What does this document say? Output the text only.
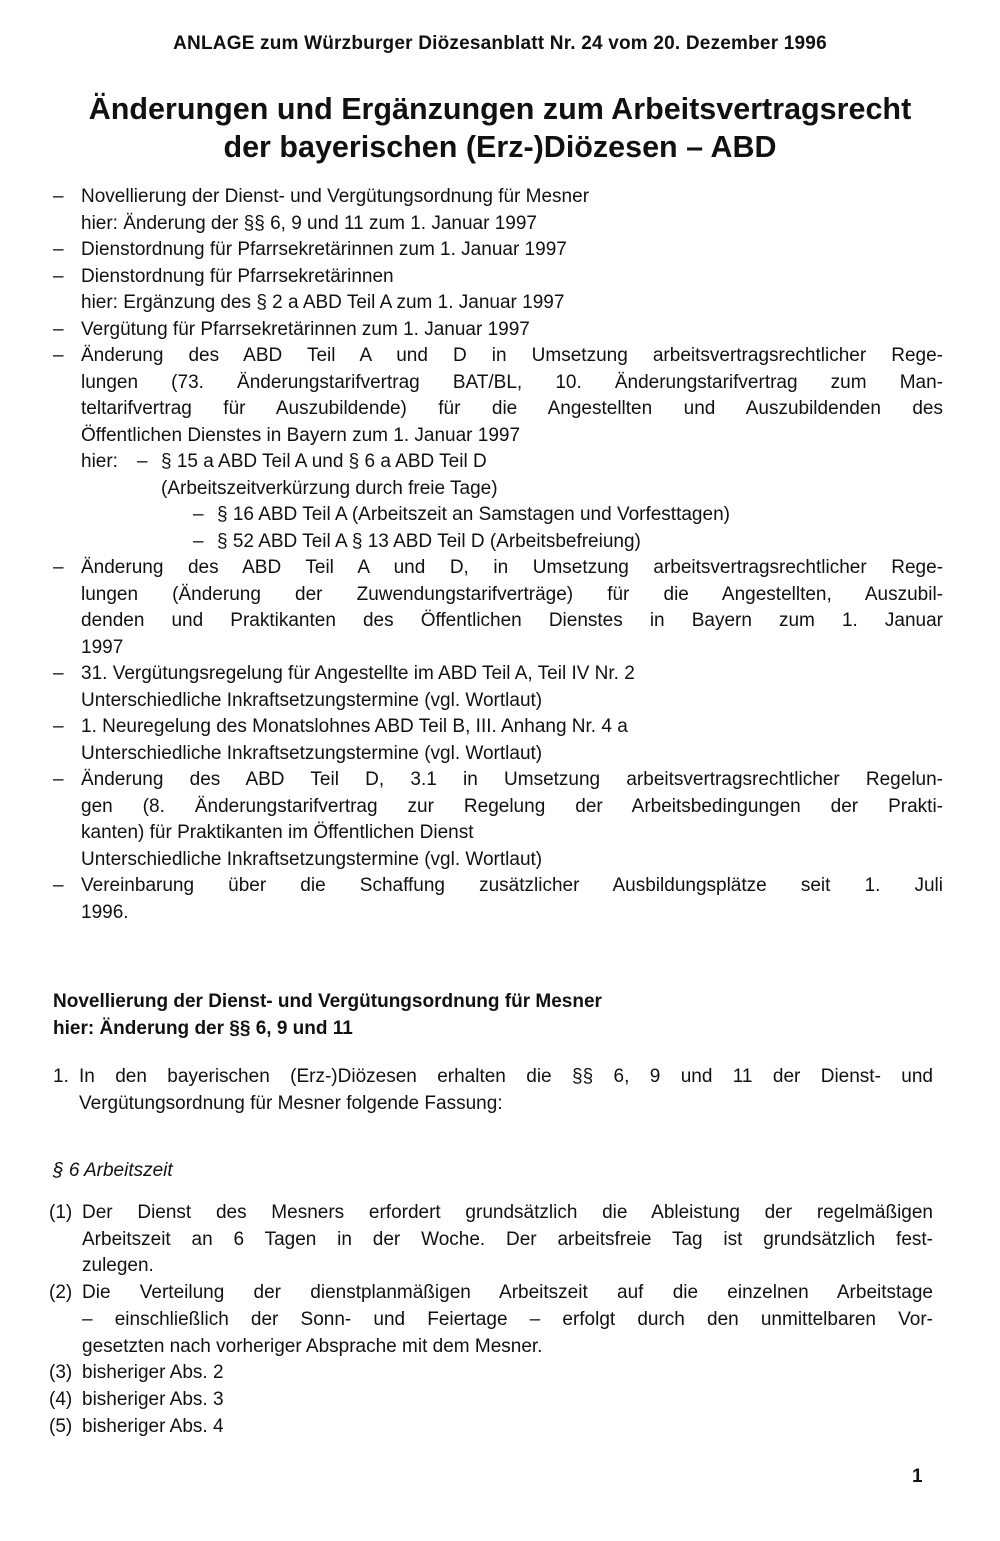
ANLAGE zum Würzburger Diözesanblatt Nr. 24 vom 20. Dezember 1996
Änderungen und Ergänzungen zum Arbeitsvertragsrecht
der bayerischen (Erz-)Diözesen – ABD
– Novellierung der Dienst- und Vergütungsordnung für Mesner
hier: Änderung der §§ 6, 9 und 11 zum 1. Januar 1997
– Dienstordnung für Pfarrsekretärinnen zum 1. Januar 1997
– Dienstordnung für Pfarrsekretärinnen
hier: Ergänzung des § 2 a ABD Teil A zum 1. Januar 1997
– Vergütung für Pfarrsekretärinnen zum 1. Januar 1997
– Änderung des ABD Teil A und D in Umsetzung arbeitsvertragsrechtlicher Rege-
lungen (73. Änderungstarifvertrag BAT/BL, 10. Änderungstarifvertrag zum Man-
teltarifvertrag für Auszubildende) für die Angestellten und Auszubildenden des
Öffentlichen Dienstes in Bayern zum 1. Januar 1997
hier: – § 15 a ABD Teil A und § 6 a ABD Teil D
(Arbeitszeitverkürzung durch freie Tage)
– § 16 ABD Teil A (Arbeitszeit an Samstagen und Vorfesttagen)
– § 52 ABD Teil A § 13 ABD Teil D (Arbeitsbefreiung)
– Änderung des ABD Teil A und D, in Umsetzung arbeitsvertragsrechtlicher Rege-
lungen (Änderung der Zuwendungstarifverträge) für die Angestellten, Auszubil-
denden und Praktikanten des Öffentlichen Dienstes in Bayern zum 1. Januar
1997
– 31. Vergütungsregelung für Angestellte im ABD Teil A, Teil IV Nr. 2
Unterschiedliche Inkraftsetzungstermine (vgl. Wortlaut)
– 1. Neuregelung des Monatslohnes ABD Teil B, III. Anhang Nr. 4 a
Unterschiedliche Inkraftsetzungstermine (vgl. Wortlaut)
– Änderung des ABD Teil D, 3.1 in Umsetzung arbeitsvertragsrechtlicher Regelun-
gen (8. Änderungstarifvertrag zur Regelung der Arbeitsbedingungen der Prakti-
kanten) für Praktikanten im Öffentlichen Dienst
Unterschiedliche Inkraftsetzungstermine (vgl. Wortlaut)
– Vereinbarung über die Schaffung zusätzlicher Ausbildungsplätze seit 1. Juli
1996.
Novellierung der Dienst- und Vergütungsordnung für Mesner
hier: Änderung der §§ 6, 9 und 11
1. In den bayerischen (Erz-)Diözesen erhalten die §§ 6, 9 und 11 der Dienst- und
Vergütungsordnung für Mesner folgende Fassung:
§ 6 Arbeitszeit
(1) Der Dienst des Mesners erfordert grundsätzlich die Ableistung der regelmäßigen
Arbeitszeit an 6 Tagen in der Woche. Der arbeitsfreie Tag ist grundsätzlich fest-
zulegen.
(2) Die Verteilung der dienstplanmäßigen Arbeitszeit auf die einzelnen Arbeitstage
– einschließlich der Sonn- und Feiertage – erfolgt durch den unmittelbaren Vor-
gesetzten nach vorheriger Absprache mit dem Mesner.
(3) bisheriger Abs. 2
(4) bisheriger Abs. 3
(5) bisheriger Abs. 4
1
